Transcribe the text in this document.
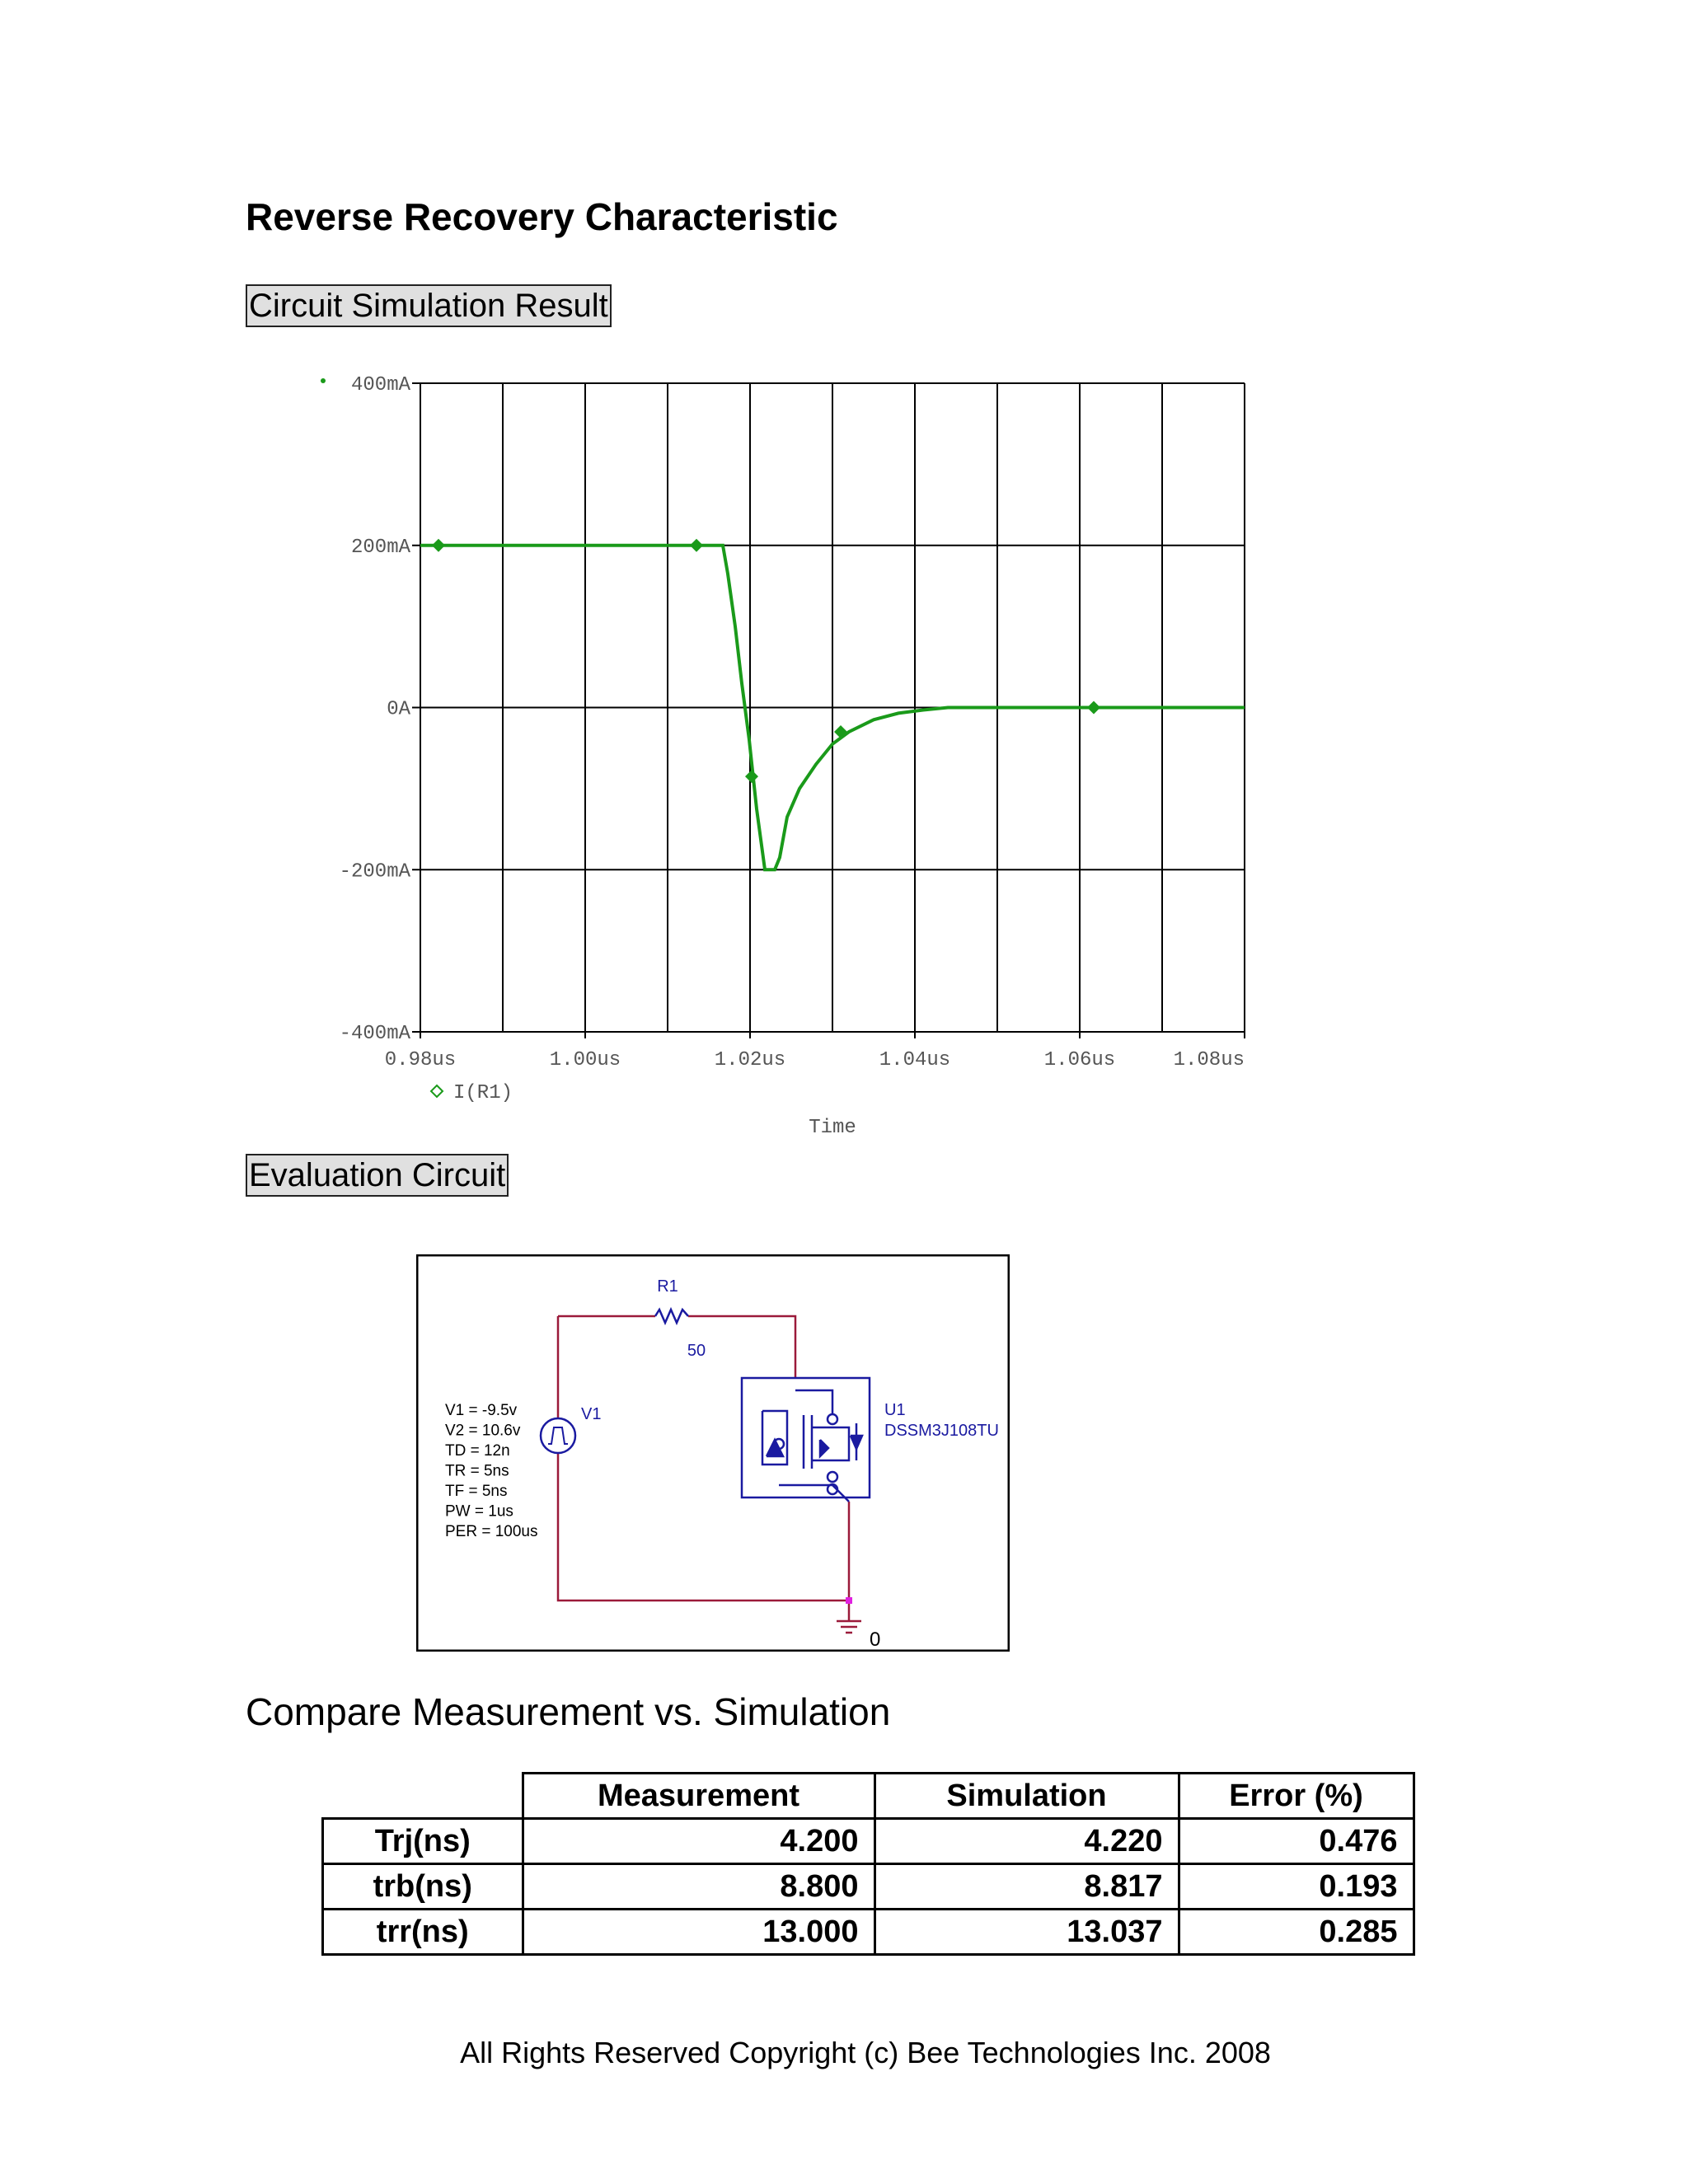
Reverse Recovery Characteristic
Circuit Simulation Result
400mA
200mA
0A
-200mA
-400mA
0.98us	1.00us	1.02us	1.04us	1.06us	1.08us
I(R1)
Time
Evaluation Circuit
R1
50
V1
V1 = -9.5v
V2 = 10.6v
TD = 12n
TR = 5ns
TF = 5ns
PW = 1us
PER = 100us
U1
DSSM3J108TU
0
Compare Measurement vs. Simulation
	Measurement	Simulation	Error (%)
Trj(ns)	4.200	4.220	0.476
trb(ns)	8.800	8.817	0.193
trr(ns)	13.000	13.037	0.285
All Rights Reserved Copyright (c) Bee Technologies Inc. 2008
